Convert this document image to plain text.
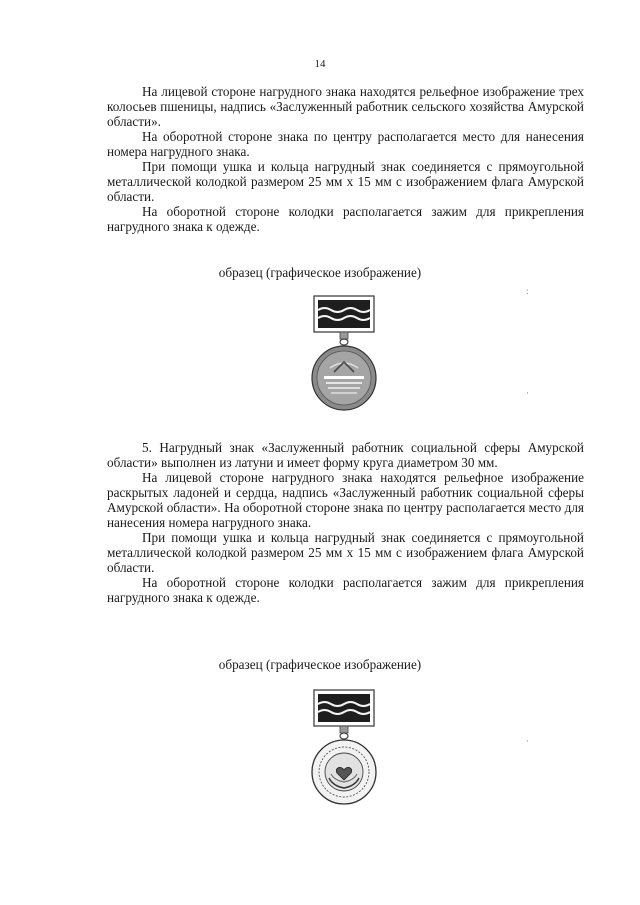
14

На лицевой стороне нагрудного знака находятся рельефное изображение трех колосьев пшеницы, надпись «Заслуженный работник сельского хозяйства Амурской области».

На оборотной стороне знака по центру располагается место для нанесения номера нагрудного знака.

При помощи ушка и кольца нагрудный знак соединяется с прямоугольной металлической колодкой размером 25 мм х 15 мм с изображением флага Амурской области.

На оборотной стороне колодки располагается зажим для прикрепления нагрудного знака к одежде.

образец (графическое изображение)

5. Нагрудный знак «Заслуженный работник социальной сферы Амурской области» выполнен из латуни и имеет форму круга диаметром 30 мм.

На лицевой стороне нагрудного знака находятся рельефное изображение раскрытых ладоней и сердца, надпись «Заслуженный работник социальной сферы Амурской области». На оборотной стороне знака по центру располагается место для нанесения номера нагрудного знака.

При помощи ушка и кольца нагрудный знак соединяется с прямоугольной металлической колодкой размером 25 мм х 15 мм с изображением флага Амурской области.

На оборотной стороне колодки располагается зажим для прикрепления нагрудного знака к одежде.

образец (графическое изображение)
:
·
·
